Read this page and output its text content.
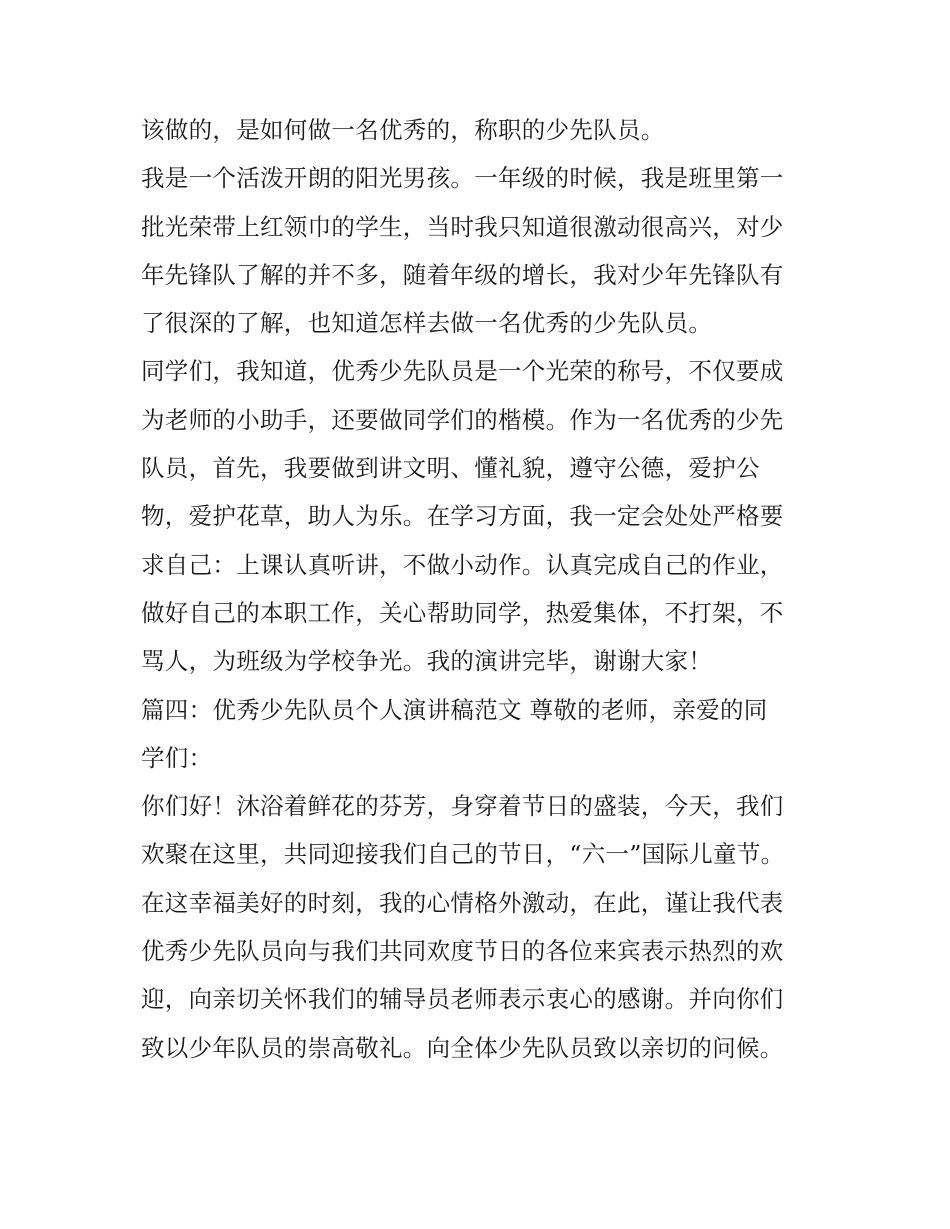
该做的，是如何做一名优秀的，称职的少先队员。
我是一个活泼开朗的阳光男孩。一年级的时候，我是班里第一
批光荣带上红领巾的学生，当时我只知道很激动很高兴，对少
年先锋队了解的并不多，随着年级的增长，我对少年先锋队有
了很深的了解，也知道怎样去做一名优秀的少先队员。
同学们，我知道，优秀少先队员是一个光荣的称号，不仅要成
为老师的小助手，还要做同学们的楷模。作为一名优秀的少先
队员，首先，我要做到讲文明、懂礼貌，遵守公德，爱护公
物，爱护花草，助人为乐。在学习方面，我一定会处处严格要
求自己：上课认真听讲，不做小动作。认真完成自己的作业，
做好自己的本职工作，关心帮助同学，热爱集体，不打架，不
骂人，为班级为学校争光。我的演讲完毕，谢谢大家！
篇四：优秀少先队员个人演讲稿范文 尊敬的老师，亲爱的同
学们：
你们好！沐浴着鲜花的芬芳，身穿着节日的盛装，今天，我们
欢聚在这里，共同迎接我们自己的节日，“六一”国际儿童节。
在这幸福美好的时刻，我的心情格外激动，在此，谨让我代表
优秀少先队员向与我们共同欢度节日的各位来宾表示热烈的欢
迎，向亲切关怀我们的辅导员老师表示衷心的感谢。并向你们
致以少年队员的崇高敬礼。向全体少先队员致以亲切的问候。
